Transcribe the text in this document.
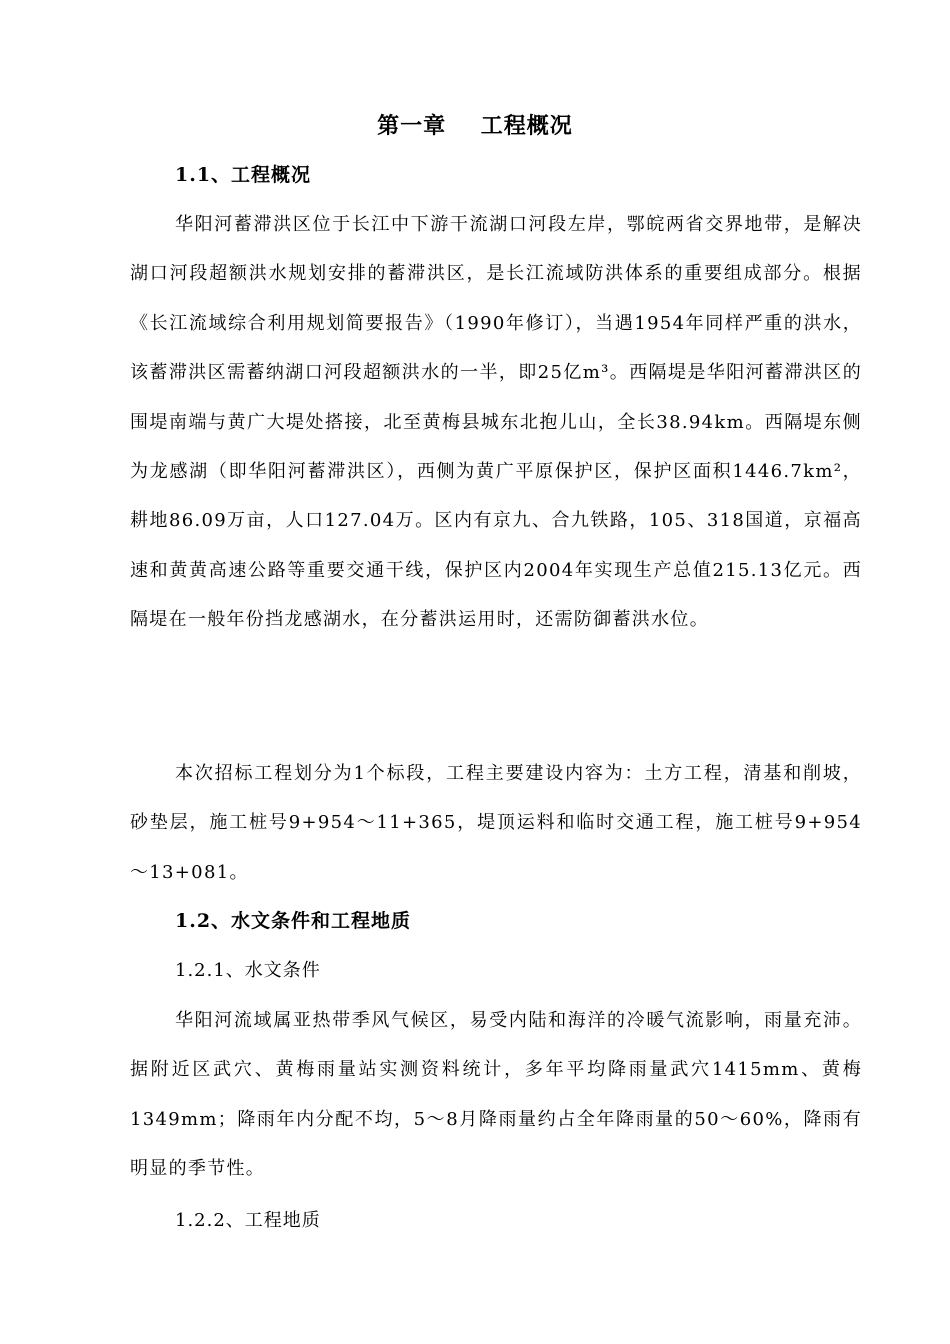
第一章    工程概况
1.1、工程概况
华阳河蓄滞洪区位于长江中下游干流湖口河段左岸，鄂皖两省交界地带，是解决湖口河段超额洪水规划安排的蓄滞洪区，是长江流域防洪体系的重要组成部分。根据《长江流域综合利用规划简要报告》（1990年修订），当遇1954年同样严重的洪水，该蓄滞洪区需蓄纳湖口河段超额洪水的一半，即25亿m³。西隔堤是华阳河蓄滞洪区的围堤南端与黄广大堤处搭接，北至黄梅县城东北抱儿山，全长38.94km。西隔堤东侧为龙感湖（即华阳河蓄滞洪区），西侧为黄广平原保护区，保护区面积1446.7km²，耕地86.09万亩，人口127.04万。区内有京九、合九铁路，105、318国道，京福高速和黄黄高速公路等重要交通干线，保护区内2004年实现生产总值215.13亿元。西隔堤在一般年份挡龙感湖水，在分蓄洪运用时，还需防御蓄洪水位。
本次招标工程划分为1个标段，工程主要建设内容为：土方工程，清基和削坡，砂垫层，施工桩号9+954～11+365，堤顶运料和临时交通工程，施工桩号9+954～13+081。
1.2、水文条件和工程地质
1.2.1、水文条件
华阳河流域属亚热带季风气候区，易受内陆和海洋的冷暖气流影响，雨量充沛。据附近区武穴、黄梅雨量站实测资料统计，多年平均降雨量武穴1415mm、黄梅1349mm；降雨年内分配不均，5～8月降雨量约占全年降雨量的50～60%，降雨有明显的季节性。
1.2.2、工程地质
